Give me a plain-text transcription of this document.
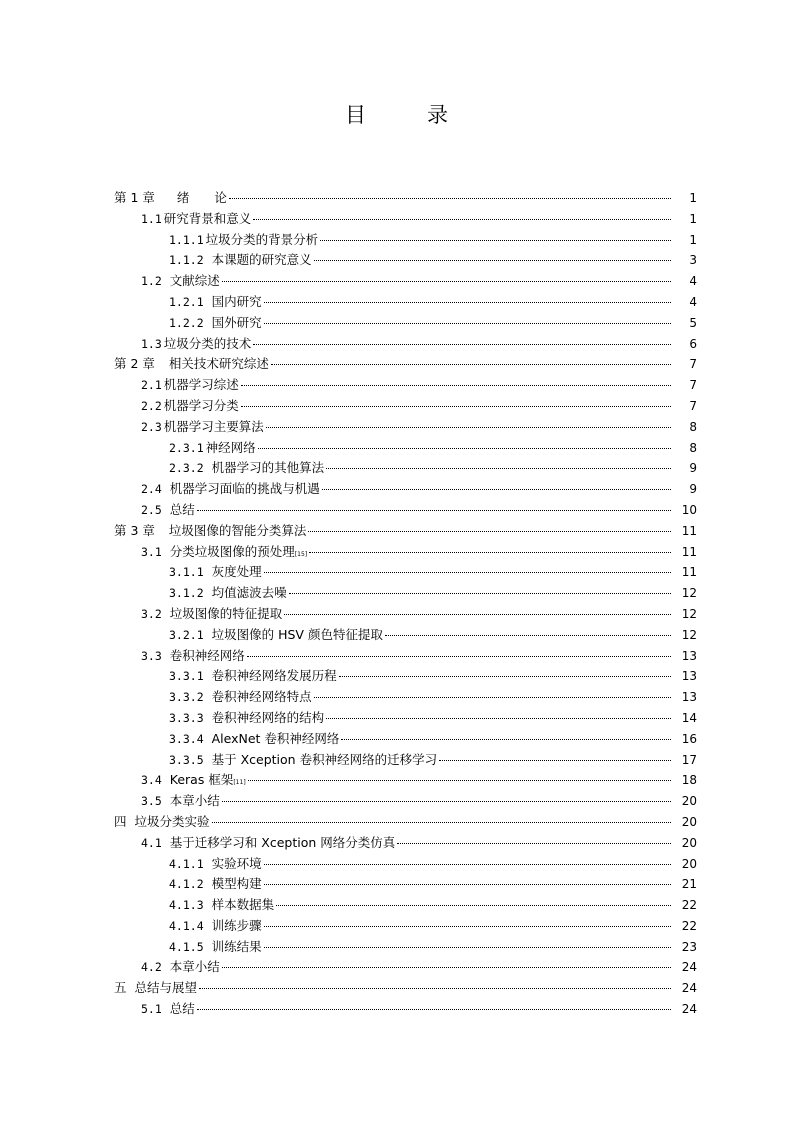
目　录
第 1 章 绪　　论	1
1.1 研究背景和意义	1
1.1.1 垃圾分类的背景分析	1
1.1.2 本课题的研究意义	3
1.2 文献综述	4
1.2.1 国内研究	4
1.2.2 国外研究	5
1.3 垃圾分类的技术	6
第 2 章 相关技术研究综述	7
2.1 机器学习综述	7
2.2 机器学习分类	7
2.3 机器学习主要算法	8
2.3.1 神经网络	8
2.3.2 机器学习的其他算法	9
2.4 机器学习面临的挑战与机遇	9
2.5 总结	10
第 3 章 垃圾图像的智能分类算法	11
3.1 分类垃圾图像的预处理 [15]	11
3.1.1 灰度处理	11
3.1.2 均值滤波去噪	12
3.2 垃圾图像的特征提取	12
3.2.1 垃圾图像的 HSV 颜色特征提取	12
3.3 卷积神经网络	13
3.3.1 卷积神经网络发展历程	13
3.3.2 卷积神经网络特点	13
3.3.3 卷积神经网络的结构	14
3.3.4 AlexNet 卷积神经网络	16
3.3.5 基于 Xception 卷积神经网络的迁移学习	17
3.4 Keras 框架 [11]	18
3.5 本章小结	20
四 垃圾分类实验	20
4.1 基于迁移学习和 Xception 网络分类仿真	20
4.1.1 实验环境	20
4.1.2 模型构建	21
4.1.3 样本数据集	22
4.1.4 训练步骤	22
4.1.5 训练结果	23
4.2 本章小结	24
五 总结与展望	24
5.1 总结	24
